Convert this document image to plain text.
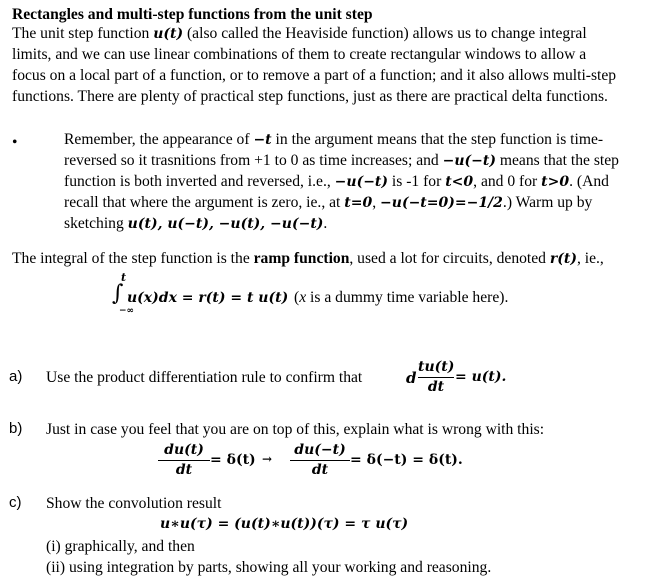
Rectangles and multi-step functions from the unit step
The unit step function u(t) (also called the Heaviside function) allows us to change integral
limits, and we can use linear combinations of them to create rectangular windows to allow a
focus on a local part of a function, or to remove a part of a function; and it also allows multi-step
functions. There are plenty of practical step functions, just as there are practical delta functions.
•	Remember, the appearance of −t in the argument means that the step function is time-
reversed so it trasnitions from +1 to 0 as time increases; and −u(−t) means that the step
function is both inverted and reversed, i.e., −u(−t) is -1 for t<0, and 0 for t>0. (And
recall that where the argument is zero, ie., at t=0, −u(−t=0)=−1/2.) Warm up by
sketching u(t), u(−t), −u(t), −u(−t).
The integral of the step function is the ramp function, used a lot for circuits, denoted r(t), ie.,
t
∫
−∞
u(x)dx = r(t) = t u(t) (x is a dummy time variable here).
a) Use the product differentiation rule to confirm that	d
tu(t)
dt
= u(t).
b) Just in case you feel that you are on top of this, explain what is wrong with this:
du(t)
dt
= δ(t) →
du(−t)
dt
= δ(−t) = δ(t).
c) Show the convolution result
u∗u(τ) = (u(t)∗u(t))(τ) = τ u(τ)
(i) graphically, and then
(ii) using integration by parts, showing all your working and reasoning.
